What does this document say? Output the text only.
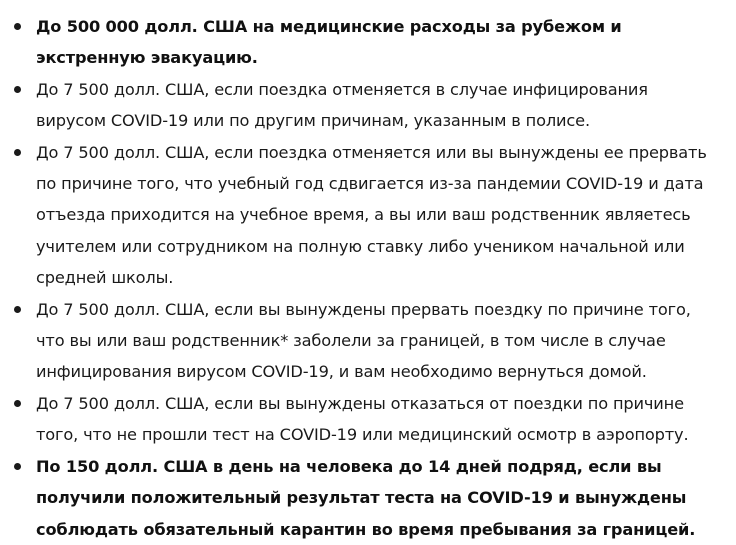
До 500 000 долл. США на медицинские расходы за рубежом и экстренную эвакуацию.
До 7 500 долл. США, если поездка отменяется в случае инфицирования вирусом COVID-19 или по другим причинам, указанным в полисе.
До 7 500 долл. США, если поездка отменяется или вы вынуждены ее прервать по причине того, что учебный год сдвигается из-за пандемии COVID-19 и дата отъезда приходится на учебное время, а вы или ваш родственник являетесь учителем или сотрудником на полную ставку либо учеником начальной или средней школы.
До 7 500 долл. США, если вы вынуждены прервать поездку по причине того, что вы или ваш родственник* заболели за границей, в том числе в случае инфицирования вирусом COVID-19, и вам необходимо вернуться домой.
До 7 500 долл. США, если вы вынуждены отказаться от поездки по причине того, что не прошли тест на COVID-19 или медицинский осмотр в аэропорту.
По 150 долл. США в день на человека до 14 дней подряд, если вы получили положительный результат теста на COVID-19 и вынуждены соблюдать обязательный карантин во время пребывания за границей.
